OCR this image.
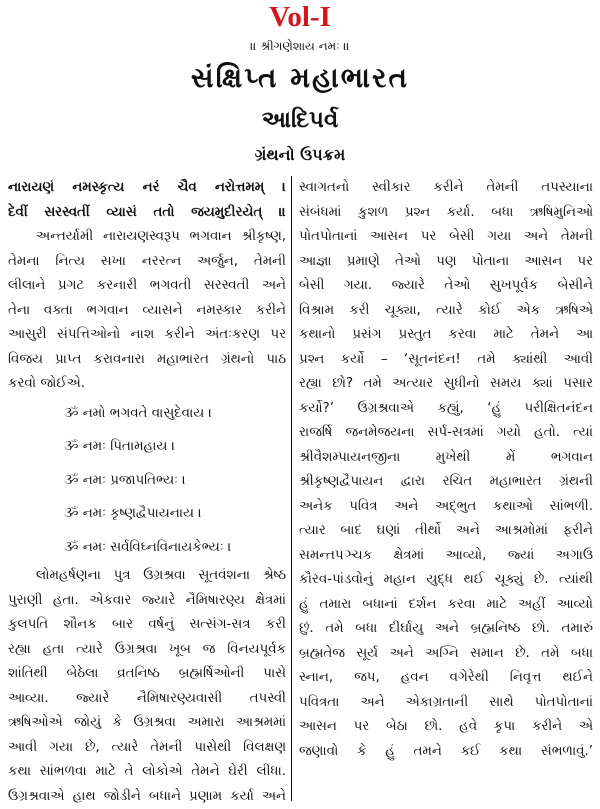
Vol-I
॥ શ્રીગણેશાય નમઃ ॥
સંક્ષિપ્ત મહાભારત
આદિપર્વ
ગ્રંથનો ઉપક્રમ
નારાયણં નમસ્કૃત્ય નરં ચૈવ નરોત્તમમ્ ।
દેવીં સરસ્વતીં વ્યાસં તતો જયમુદીરયેત્ ॥
અન્તર્યામી નારાયણસ્વરૂપ ભગવાન શ્રીકૃષ્ણ,
તેમના નિત્ય સખા નરરત્ન અર્જુન, તેમની
લીલાને પ્રગટ કરનારી ભગવતી સરસ્વતી અને
તેના વક્તા ભગવાન વ્યાસને નમસ્કાર કરીને
આસુરી સંપત્તિઓનો નાશ કરીને અંતઃકરણ પર
વિજય પ્રાપ્ત કરાવનારા મહાભારત ગ્રંથનો પાઠ
કરવો જોઈએ.
ૐ નમો ભગવતે વાસુદેવાય ।
ૐ નમઃ પિતામહાય ।
ૐ નમઃ પ્રજાપતિભ્યઃ ।
ૐ નમઃ કૃષ્ણદ્વૈપાયનાય ।
ૐ નમઃ સર્વવિઘ્નવિનાયકેભ્યઃ ।
લોમહર્ષણના પુત્ર ઉગ્રશ્રવા સૂતવંશના શ્રેષ્ઠ
પુરાણી હતા. એકવાર જ્યારે નૈમિષારણ્ય ક્ષેત્રમાં
કુલપતિ શૌનક બાર વર્ષનું સત્સંગ-સત્ર કરી
રહ્યા હતા ત્યારે ઉગ્રશ્રવા ખૂબ જ વિનયપૂર્વક
શાંતિથી બેઠેલા વ્રતનિષ્ઠ બ્રહ્મર્ષિઓની પાસે
આવ્યા. જ્યારે નૈમિષારણ્યવાસી તપસ્વી
ઋષિઓએ જોયું કે ઉગ્રશ્રવા અમારા આશ્રમમાં
આવી ગયા છે, ત્યારે તેમની પાસેથી વિલક્ષણ
કથા સાંભળવા માટે તે લોકોએ તેમને ઘેરી લીધા.
ઉગ્રશ્રવાએ હાથ જોડીને બધાને પ્રણામ કર્યા અને
સ્વાગતનો સ્વીકાર કરીને તેમની તપસ્યાના
સંબંધમાં કુશળ પ્રશ્ન કર્યા. બધા ઋષિમુનિઓ
પોતપોતાનાં આસન પર બેસી ગયા અને તેમની
આજ્ઞા પ્રમાણે તેઓ પણ પોતાના આસન પર
બેસી ગયા. જ્યારે તેઓ સુખપૂર્વક બેસીને
વિશ્રામ કરી ચૂક્યા, ત્યારે કોઈ એક ઋષિએ
કથાનો પ્રસંગ પ્રસ્તુત કરવા માટે તેમને આ
પ્રશ્ન કર્યો – ‘સૂતનંદન! તમે ક્યાંથી આવી
રહ્યા છો? તમે અત્યાર સુધીનો સમય ક્યાં પસાર
કર્યો?’ ઉગ્રશ્રવાએ કહ્યું, ‘હું પરીક્ષિતનંદન
રાજર્ષિ જનમેજયના સર્પ-સત્રમાં ગયો હતો. ત્યાં
શ્રીવૈશમ્પાયનજીના મુખેથી મેં ભગવાન
શ્રીકૃષ્ણદ્વૈપાયન દ્વારા રચિત મહાભારત ગ્રંથની
અનેક પવિત્ર અને અદ્ભુત કથાઓ સાંભળી.
ત્યાર બાદ ઘણાં તીર્થો અને આશ્રમોમાં ફરીને
સમન્તપઞ્ચક ક્ષેત્રમાં આવ્યો, જ્યાં અગાઉ
કૌરવ-પાંડવોનું મહાન યુદ્ધ થઈ ચૂક્યું છે. ત્યાંથી
હું તમારા બધાનાં દર્શન કરવા માટે અહીં આવ્યો
છું. તમે બધા દીર્ઘાયુ અને બ્રહ્મનિષ્ઠ છો. તમારું
બ્રહ્મતેજ સૂર્ય અને અગ્નિ સમાન છે. તમે બધા
સ્નાન, જપ, હવન વગેરેથી નિવૃત્ત થઈને
પવિત્રતા અને એકાગ્રતાની સાથે પોતપોતાનાં
આસન પર બેઠા છો. હવે કૃપા કરીને એ
જણાવો કે હું તમને કઈ કથા સંભળાવું.’
